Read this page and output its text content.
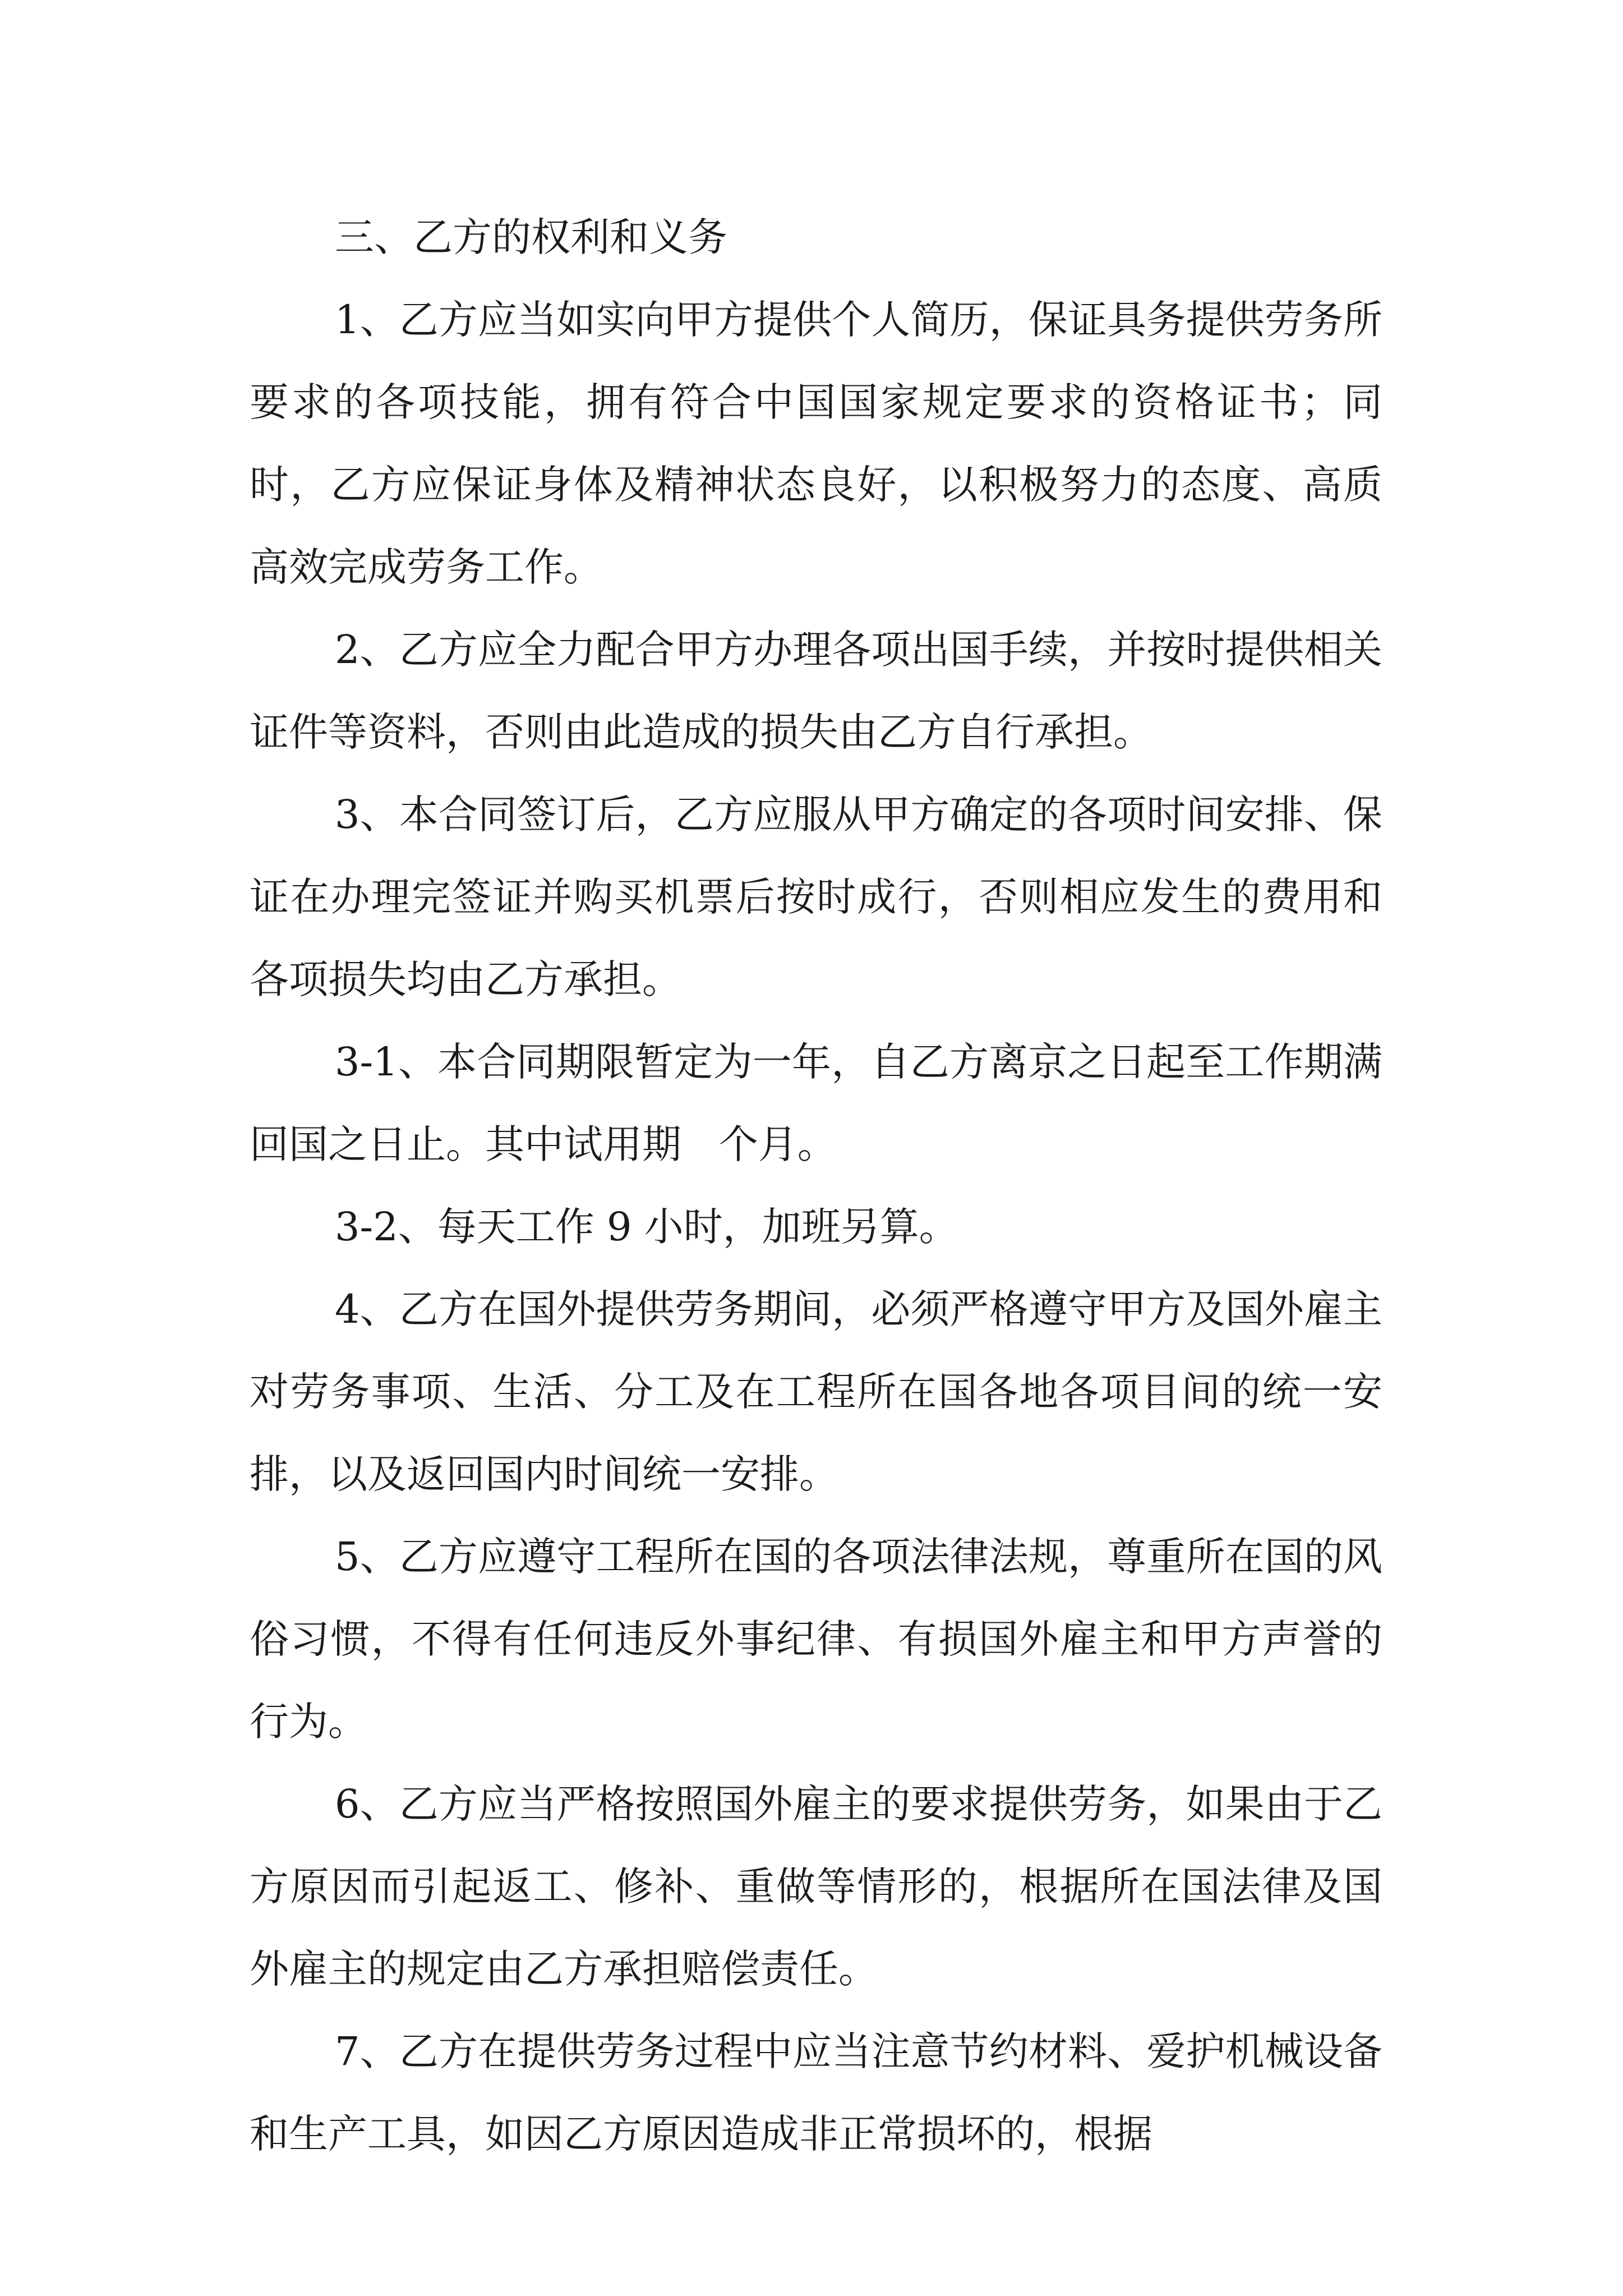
三、乙方的权利和义务

1、乙方应当如实向甲方提供个人简历，保证具务提供劳务所要求的各项技能，拥有符合中国国家规定要求的资格证书；同时，乙方应保证身体及精神状态良好，以积极努力的态度、高质高效完成劳务工作。

2、乙方应全力配合甲方办理各项出国手续，并按时提供相关证件等资料，否则由此造成的损失由乙方自行承担。

3、本合同签订后，乙方应服从甲方确定的各项时间安排、保证在办理完签证并购买机票后按时成行，否则相应发生的费用和各项损失均由乙方承担。

3-1、本合同期限暂定为一年，自乙方离京之日起至工作期满回国之日止。其中试用期   个月。

3-2、每天工作 9 小时，加班另算。

4、乙方在国外提供劳务期间，必须严格遵守甲方及国外雇主对劳务事项、生活、分工及在工程所在国各地各项目间的统一安排，以及返回国内时间统一安排。

5、乙方应遵守工程所在国的各项法律法规，尊重所在国的风俗习惯，不得有任何违反外事纪律、有损国外雇主和甲方声誉的行为。

6、乙方应当严格按照国外雇主的要求提供劳务，如果由于乙方原因而引起返工、修补、重做等情形的，根据所在国法律及国外雇主的规定由乙方承担赔偿责任。

7、乙方在提供劳务过程中应当注意节约材料、爱护机械设备和生产工具，如因乙方原因造成非正常损坏的，根据
